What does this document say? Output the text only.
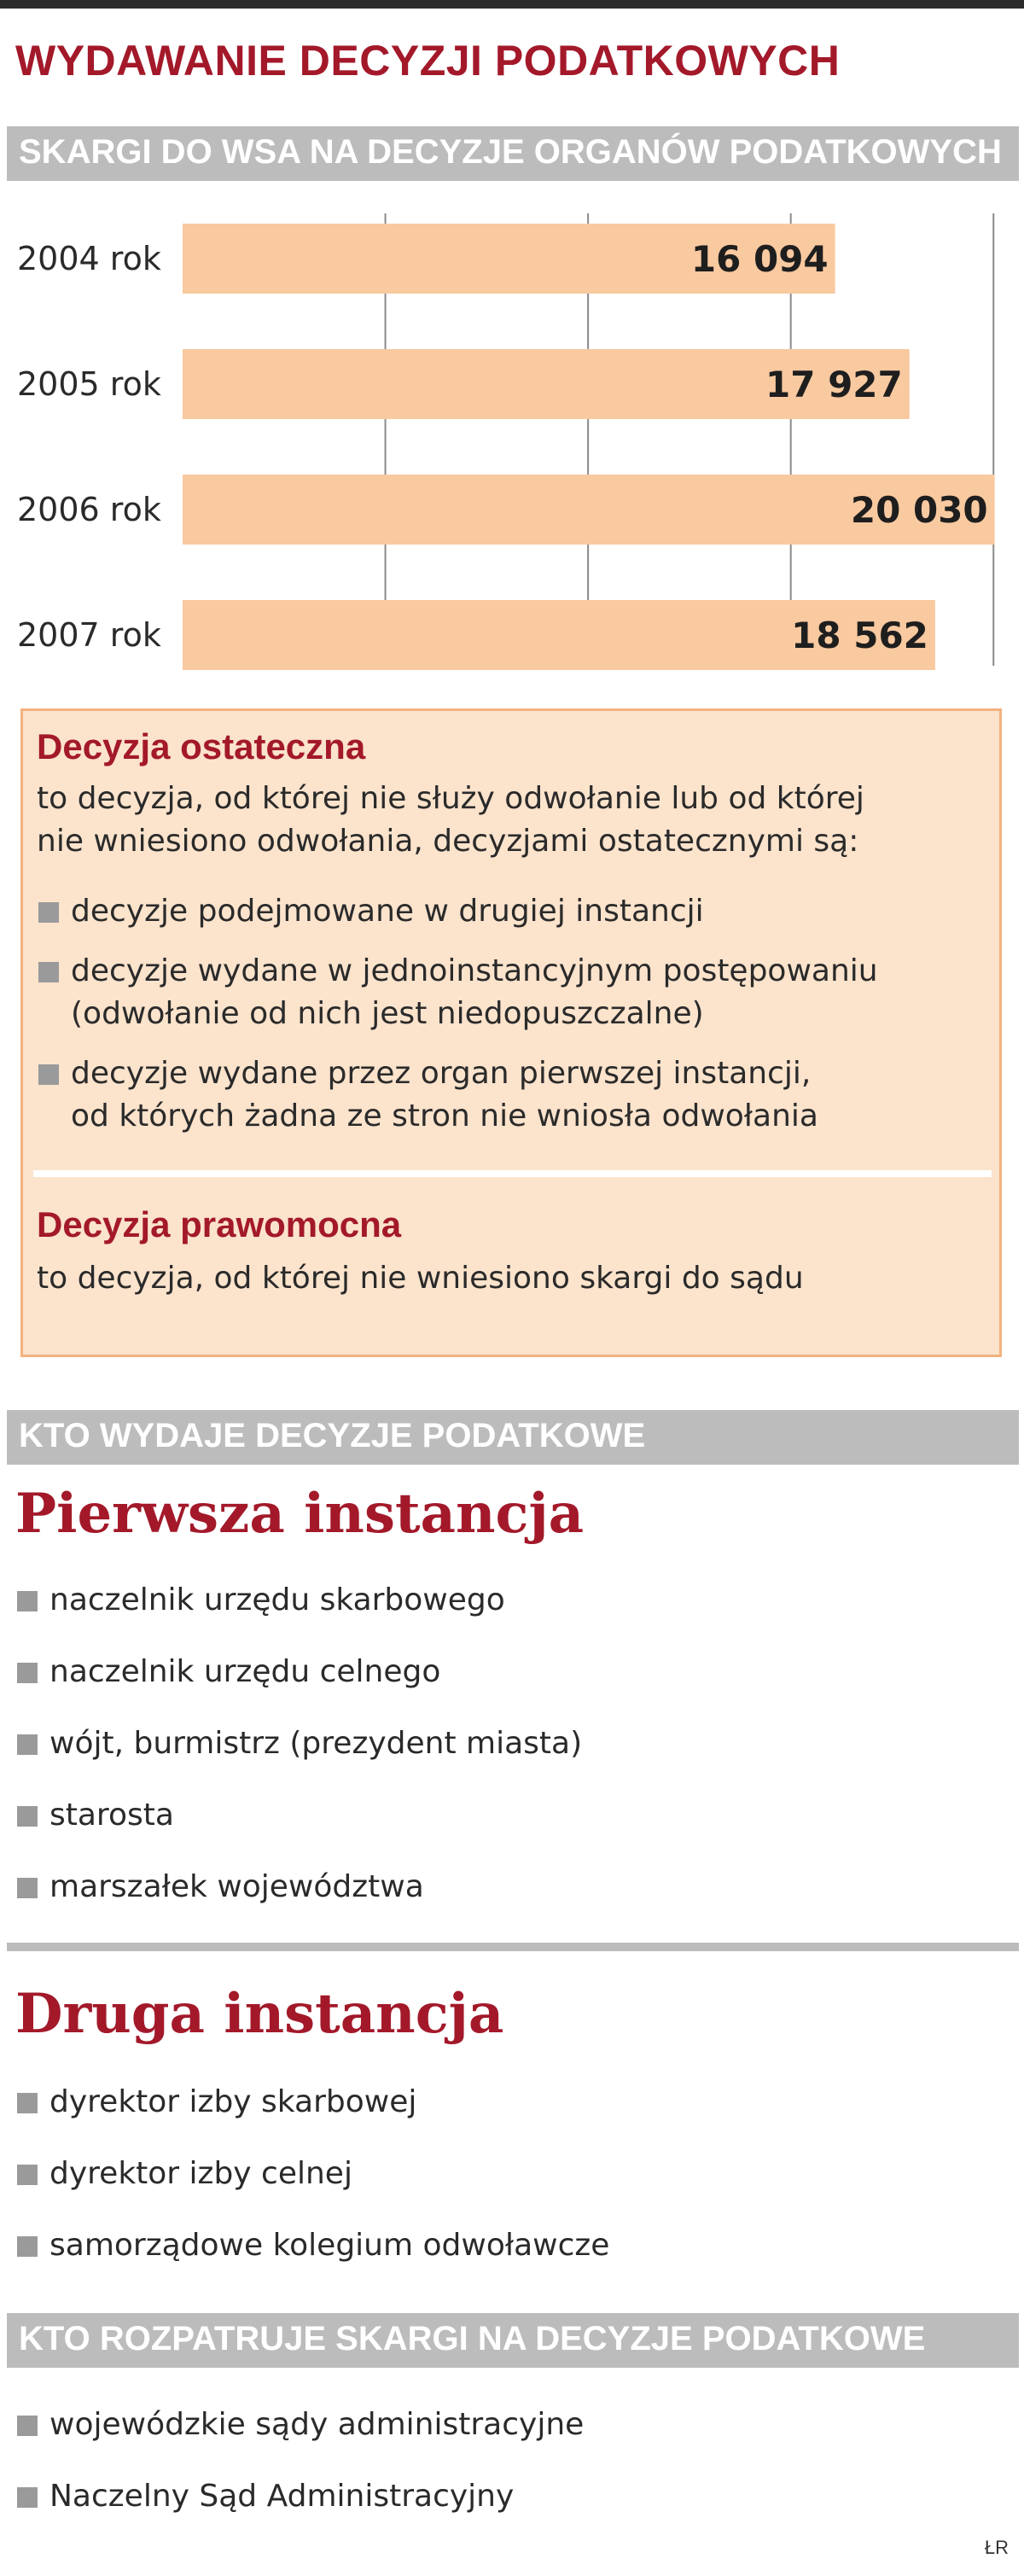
WYDAWANIE DECYZJI PODATKOWYCH
SKARGI DO WSA NA DECYZJE ORGANÓW PODATKOWYCH
2004 rok	16 094
2005 rok	17 927
2006 rok	20 030
2007 rok	18 562
Decyzja ostateczna
to decyzja, od której nie służy odwołanie lub od której
nie wniesiono odwołania, decyzjami ostatecznymi są:
decyzje podejmowane w drugiej instancji
decyzje wydane w jednoinstancyjnym postępowaniu
(odwołanie od nich jest niedopuszczalne)
decyzje wydane przez organ pierwszej instancji,
od których żadna ze stron nie wniosła odwołania
Decyzja prawomocna
to decyzja, od której nie wniesiono skargi do sądu
KTO WYDAJE DECYZJE PODATKOWE
Pierwsza instancja
naczelnik urzędu skarbowego
naczelnik urzędu celnego
wójt, burmistrz (prezydent miasta)
starosta
marszałek województwa
Druga instancja
dyrektor izby skarbowej
dyrektor izby celnej
samorządowe kolegium odwoławcze
KTO ROZPATRUJE SKARGI NA DECYZJE PODATKOWE
wojewódzkie sądy administracyjne
Naczelny Sąd Administracyjny
ŁR
